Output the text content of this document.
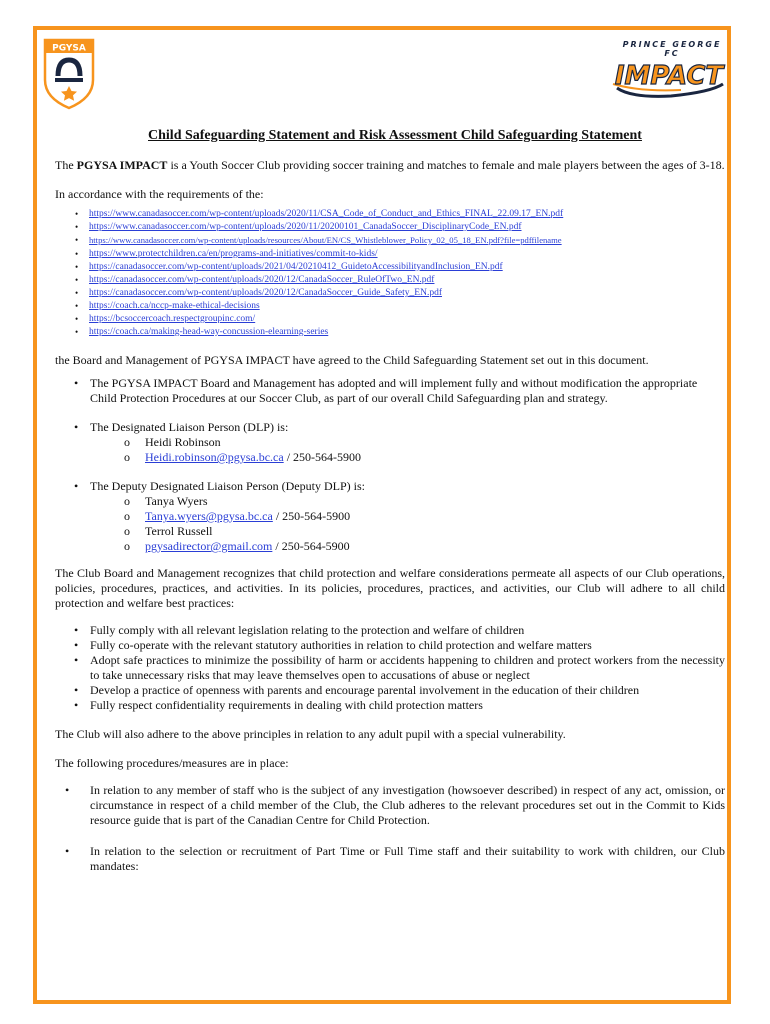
PGYSA	PRINCE GEORGE FC
IMPACT
Child Safeguarding Statement and Risk Assessment Child Safeguarding Statement

The PGYSA IMPACT is a Youth Soccer Club providing soccer training and matches to female and male players between the ages of 3-18.

In accordance with the requirements of the:

• https://www.canadasoccer.com/wp-content/uploads/2020/11/CSA_Code_of_Conduct_and_Ethics_FINAL_22.09.17_EN.pdf
• https://www.canadasoccer.com/wp-content/uploads/2020/11/20200101_CanadaSoccer_DisciplinaryCode_EN.pdf
• https://www.canadasoccer.com/wp-content/uploads/resources/About/EN/CS_Whistleblower_Policy_02_05_18_EN.pdf?file=pdffilename
• https://www.protectchildren.ca/en/programs-and-initiatives/commit-to-kids/
• https://canadasoccer.com/wp-content/uploads/2021/04/20210412_GuidetoAccessibilityandInclusion_EN.pdf
• https://canadasoccer.com/wp-content/uploads/2020/12/CanadaSoccer_RuleOfTwo_EN.pdf
• https://canadasoccer.com/wp-content/uploads/2020/12/CanadaSoccer_Guide_Safety_EN.pdf
• https://coach.ca/nccp-make-ethical-decisions
• https://bcsoccercoach.respectgroupinc.com/
• https://coach.ca/making-head-way-concussion-elearning-series

the Board and Management of PGYSA IMPACT have agreed to the Child Safeguarding Statement set out in this document.

• The PGYSA IMPACT Board and Management has adopted and will implement fully and without modification the appropriate Child Protection Procedures at our Soccer Club, as part of our overall Child Safeguarding plan and strategy.
• The Designated Liaison Person (DLP) is:
o Heidi Robinson
o Heidi.robinson@pgysa.bc.ca / 250-564-5900
• The Deputy Designated Liaison Person (Deputy DLP) is:
o Tanya Wyers
o Tanya.wyers@pgysa.bc.ca / 250-564-5900
o Terrol Russell
o pgysadirector@gmail.com / 250-564-5900

The Club Board and Management recognizes that child protection and welfare considerations permeate all aspects of our Club operations, policies, procedures, practices, and activities. In its policies, procedures, practices, and activities, our Club will adhere to all child protection and welfare best practices:

• Fully comply with all relevant legislation relating to the protection and welfare of children
• Fully co-operate with the relevant statutory authorities in relation to child protection and welfare matters
• Adopt safe practices to minimize the possibility of harm or accidents happening to children and protect workers from the necessity to take unnecessary risks that may leave themselves open to accusations of abuse or neglect
• Develop a practice of openness with parents and encourage parental involvement in the education of their children
• Fully respect confidentiality requirements in dealing with child protection matters

The Club will also adhere to the above principles in relation to any adult pupil with a special vulnerability.

The following procedures/measures are in place:

• In relation to any member of staff who is the subject of any investigation (howsoever described) in respect of any act, omission, or circumstance in respect of a child member of the Club, the Club adheres to the relevant procedures set out in the Commit to Kids resource guide that is part of the Canadian Centre for Child Protection.
• In relation to the selection or recruitment of Part Time or Full Time staff and their suitability to work with children, our Club mandates:
